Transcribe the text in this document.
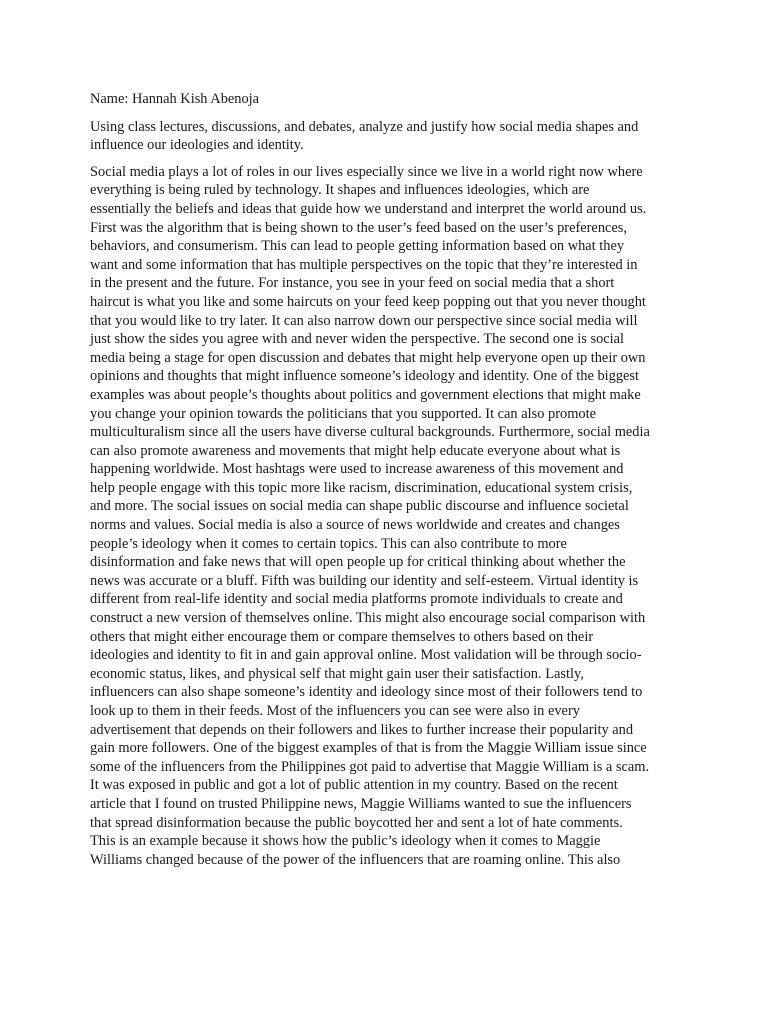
Name: Hannah Kish Abenoja

Using class lectures, discussions, and debates, analyze and justify how social media shapes and
influence our ideologies and identity.

Social media plays a lot of roles in our lives especially since we live in a world right now where
everything is being ruled by technology. It shapes and influences ideologies, which are
essentially the beliefs and ideas that guide how we understand and interpret the world around us.
First was the algorithm that is being shown to the user’s feed based on the user’s preferences,
behaviors, and consumerism. This can lead to people getting information based on what they
want and some information that has multiple perspectives on the topic that they’re interested in
in the present and the future. For instance, you see in your feed on social media that a short
haircut is what you like and some haircuts on your feed keep popping out that you never thought
that you would like to try later. It can also narrow down our perspective since social media will
just show the sides you agree with and never widen the perspective. The second one is social
media being a stage for open discussion and debates that might help everyone open up their own
opinions and thoughts that might influence someone’s ideology and identity. One of the biggest
examples was about people’s thoughts about politics and government elections that might make
you change your opinion towards the politicians that you supported. It can also promote
multiculturalism since all the users have diverse cultural backgrounds. Furthermore, social media
can also promote awareness and movements that might help educate everyone about what is
happening worldwide. Most hashtags were used to increase awareness of this movement and
help people engage with this topic more like racism, discrimination, educational system crisis,
and more. The social issues on social media can shape public discourse and influence societal
norms and values. Social media is also a source of news worldwide and creates and changes
people’s ideology when it comes to certain topics. This can also contribute to more
disinformation and fake news that will open people up for critical thinking about whether the
news was accurate or a bluff. Fifth was building our identity and self-esteem. Virtual identity is
different from real-life identity and social media platforms promote individuals to create and
construct a new version of themselves online. This might also encourage social comparison with
others that might either encourage them or compare themselves to others based on their
ideologies and identity to fit in and gain approval online. Most validation will be through socio-
economic status, likes, and physical self that might gain user their satisfaction. Lastly,
influencers can also shape someone’s identity and ideology since most of their followers tend to
look up to them in their feeds. Most of the influencers you can see were also in every
advertisement that depends on their followers and likes to further increase their popularity and
gain more followers. One of the biggest examples of that is from the Maggie William issue since
some of the influencers from the Philippines got paid to advertise that Maggie William is a scam.
It was exposed in public and got a lot of public attention in my country. Based on the recent
article that I found on trusted Philippine news, Maggie Williams wanted to sue the influencers
that spread disinformation because the public boycotted her and sent a lot of hate comments.
This is an example because it shows how the public’s ideology when it comes to Maggie
Williams changed because of the power of the influencers that are roaming online. This also
